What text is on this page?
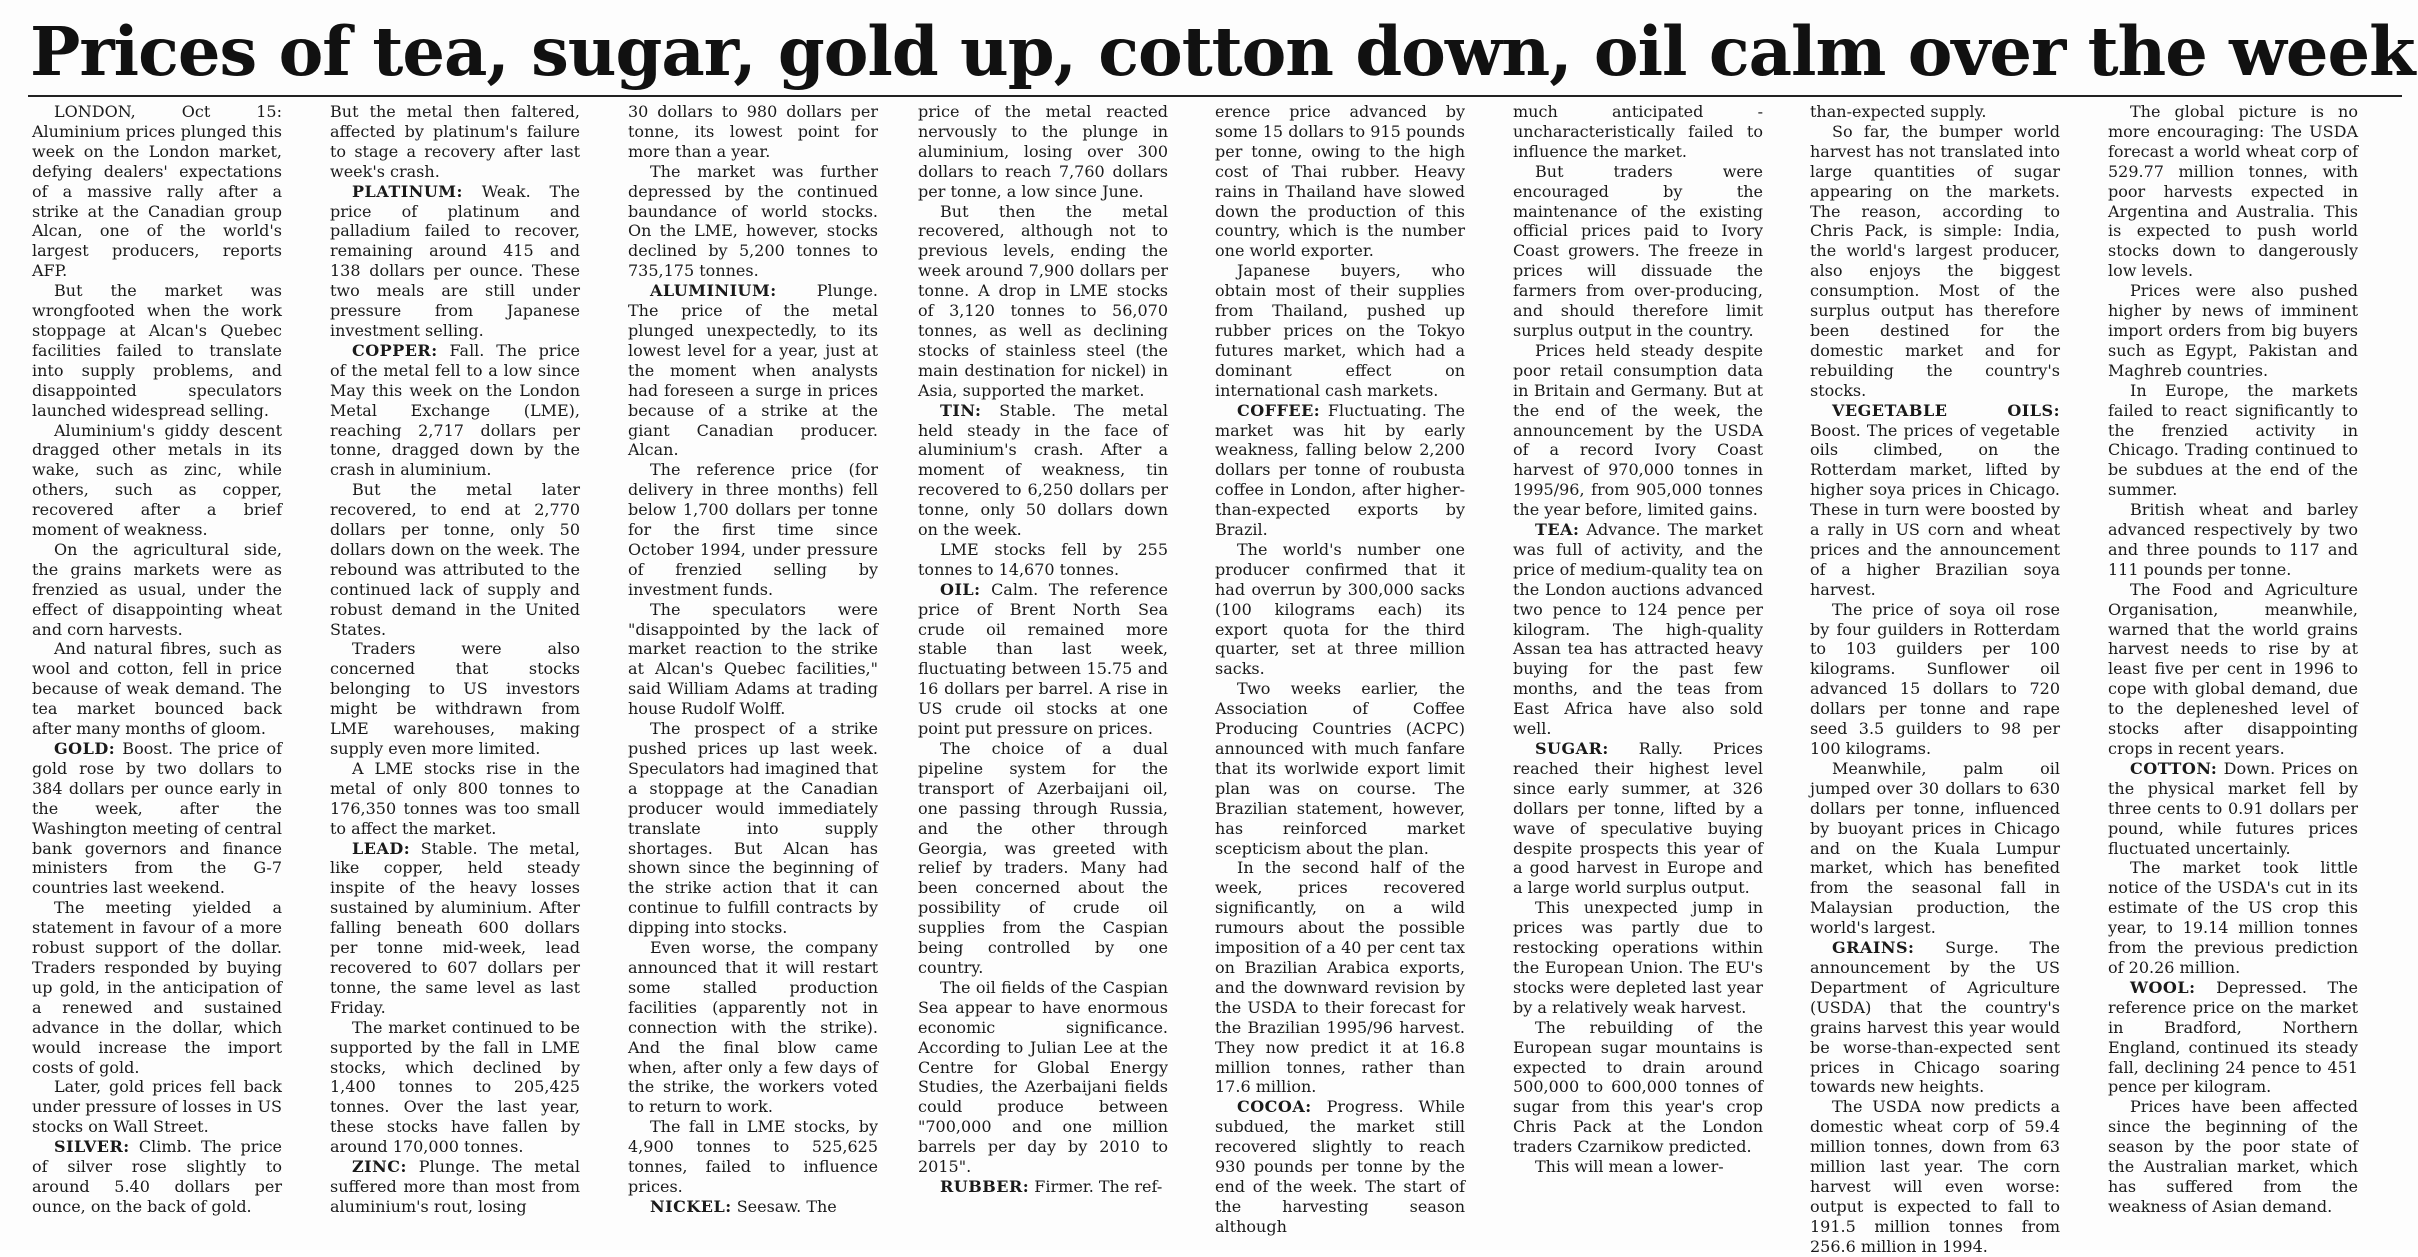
Prices of tea, sugar, gold up, cotton down, oil calm over the week

LONDON, Oct 15: Aluminium prices plunged this week on the London market, defying dealers' expectations of a massive rally after a strike at the Canadian group Alcan, one of the world's largest producers, reports AFP.

But the market was wrongfooted when the work stoppage at Alcan's Quebec facilities failed to translate into supply problems, and disappointed speculators launched widespread selling.

Aluminium's giddy descent dragged other metals in its wake, such as zinc, while others, such as copper, recovered after a brief moment of weakness.

On the agricultural side, the grains markets were as frenzied as usual, under the effect of disappointing wheat and corn harvests.

And natural fibres, such as wool and cotton, fell in price because of weak demand. The tea market bounced back after many months of gloom.

GOLD: Boost. The price of gold rose by two dollars to 384 dollars per ounce early in the week, after the Washington meeting of central bank governors and finance ministers from the G-7 countries last weekend.

The meeting yielded a statement in favour of a more robust support of the dollar. Traders responded by buying up gold, in the anticipation of a renewed and sustained advance in the dollar, which would increase the import costs of gold.

Later, gold prices fell back under pressure of losses in US stocks on Wall Street.

SILVER: Climb. The price of silver rose slightly to around 5.40 dollars per ounce, on the back of gold.

But the metal then faltered, affected by platinum's failure to stage a recovery after last week's crash.

PLATINUM: Weak. The price of platinum and palladium failed to recover, remaining around 415 and 138 dollars per ounce. These two meals are still under pressure from Japanese investment selling.

COPPER: Fall. The price of the metal fell to a low since May this week on the London Metal Exchange (LME), reaching 2,717 dollars per tonne, dragged down by the crash in aluminium.

But the metal later recovered, to end at 2,770 dollars per tonne, only 50 dollars down on the week. The rebound was attributed to the continued lack of supply and robust demand in the United States.

Traders were also concerned that stocks belonging to US investors might be withdrawn from LME warehouses, making supply even more limited.

A LME stocks rise in the metal of only 800 tonnes to 176,350 tonnes was too small to affect the market.

LEAD: Stable. The metal, like copper, held steady inspite of the heavy losses sustained by aluminium. After falling beneath 600 dollars per tonne mid-week, lead recovered to 607 dollars per tonne, the same level as last Friday.

The market continued to be supported by the fall in LME stocks, which declined by 1,400 tonnes to 205,425 tonnes. Over the last year, these stocks have fallen by around 170,000 tonnes.

ZINC: Plunge. The metal suffered more than most from aluminium's rout, losing

30 dollars to 980 dollars per tonne, its lowest point for more than a year.

The market was further depressed by the continued baundance of world stocks. On the LME, however, stocks declined by 5,200 tonnes to 735,175 tonnes.

ALUMINIUM: Plunge. The price of the metal plunged unexpectedly, to its lowest level for a year, just at the moment when analysts had foreseen a surge in prices because of a strike at the giant Canadian producer. Alcan.

The reference price (for delivery in three months) fell below 1,700 dollars per tonne for the first time since October 1994, under pressure of frenzied selling by investment funds.

The speculators were "disappointed by the lack of market reaction to the strike at Alcan's Quebec facilities," said William Adams at trading house Rudolf Wolff.

The prospect of a strike pushed prices up last week. Speculators had imagined that a stoppage at the Canadian producer would immediately translate into supply shortages. But Alcan has shown since the beginning of the strike action that it can continue to fulfill contracts by dipping into stocks.

Even worse, the company announced that it will restart some stalled production facilities (apparently not in connection with the strike). And the final blow came when, after only a few days of the strike, the workers voted to return to work.

The fall in LME stocks, by 4,900 tonnes to 525,625 tonnes, failed to influence prices.

NICKEL: Seesaw. The

price of the metal reacted nervously to the plunge in aluminium, losing over 300 dollars to reach 7,760 dollars per tonne, a low since June.

But then the metal recovered, although not to previous levels, ending the week around 7,900 dollars per tonne. A drop in LME stocks of 3,120 tonnes to 56,070 tonnes, as well as declining stocks of stainless steel (the main destination for nickel) in Asia, supported the market.

TIN: Stable. The metal held steady in the face of aluminium's crash. After a moment of weakness, tin recovered to 6,250 dollars per tonne, only 50 dollars down on the week.

LME stocks fell by 255 tonnes to 14,670 tonnes.

OIL: Calm. The reference price of Brent North Sea crude oil remained more stable than last week, fluctuating between 15.75 and 16 dollars per barrel. A rise in US crude oil stocks at one point put pressure on prices.

The choice of a dual pipeline system for the transport of Azerbaijani oil, one passing through Russia, and the other through Georgia, was greeted with relief by traders. Many had been concerned about the possibility of crude oil supplies from the Caspian being controlled by one country.

The oil fields of the Caspian Sea appear to have enormous economic significance. According to Julian Lee at the Centre for Global Energy Studies, the Azerbaijani fields could produce between "700,000 and one million barrels per day by 2010 to 2015".

RUBBER: Firmer. The ref-

erence price advanced by some 15 dollars to 915 pounds per tonne, owing to the high cost of Thai rubber. Heavy rains in Thailand have slowed down the production of this country, which is the number one world exporter.

Japanese buyers, who obtain most of their supplies from Thailand, pushed up rubber prices on the Tokyo futures market, which had a dominant effect on international cash markets.

COFFEE: Fluctuating. The market was hit by early weakness, falling below 2,200 dollars per tonne of roubusta coffee in London, after higher-than-expected exports by Brazil.

The world's number one producer confirmed that it had overrun by 300,000 sacks (100 kilograms each) its export quota for the third quarter, set at three million sacks.

Two weeks earlier, the Association of Coffee Producing Countries (ACPC) announced with much fanfare that its worlwide export limit plan was on course. The Brazilian statement, however, has reinforced market scepticism about the plan.

In the second half of the week, prices recovered significantly, on a wild rumours about the possible imposition of a 40 per cent tax on Brazilian Arabica exports, and the downward revision by the USDA to their forecast for the Brazilian 1995/96 harvest. They now predict it at 16.8 million tonnes, rather than 17.6 million.

COCOA: Progress. While subdued, the market still recovered slightly to reach 930 pounds per tonne by the end of the week. The start of the harvesting season although

much anticipated - uncharacteristically failed to influence the market.

But traders were encouraged by the maintenance of the existing official prices paid to Ivory Coast growers. The freeze in prices will dissuade the farmers from over-producing, and should therefore limit surplus output in the country.

Prices held steady despite poor retail consumption data in Britain and Germany. But at the end of the week, the announcement by the USDA of a record Ivory Coast harvest of 970,000 tonnes in 1995/96, from 905,000 tonnes the year before, limited gains.

TEA: Advance. The market was full of activity, and the price of medium-quality tea on the London auctions advanced two pence to 124 pence per kilogram. The high-quality Assan tea has attracted heavy buying for the past few months, and the teas from East Africa have also sold well.

SUGAR: Rally. Prices reached their highest level since early summer, at 326 dollars per tonne, lifted by a wave of speculative buying despite prospects this year of a good harvest in Europe and a large world surplus output.

This unexpected jump in prices was partly due to restocking operations within the European Union. The EU's stocks were depleted last year by a relatively weak harvest.

The rebuilding of the European sugar mountains is expected to drain around 500,000 to 600,000 tonnes of sugar from this year's crop Chris Pack at the London traders Czarnikow predicted.

This will mean a lower-

than-expected supply.

So far, the bumper world harvest has not translated into large quantities of sugar appearing on the markets. The reason, according to Chris Pack, is simple: India, the world's largest producer, also enjoys the biggest consumption. Most of the surplus output has therefore been destined for the domestic market and for rebuilding the country's stocks.

VEGETABLE OILS: Boost. The prices of vegetable oils climbed, on the Rotterdam market, lifted by higher soya prices in Chicago. These in turn were boosted by a rally in US corn and wheat prices and the announcement of a higher Brazilian soya harvest.

The price of soya oil rose by four guilders in Rotterdam to 103 guilders per 100 kilograms. Sunflower oil advanced 15 dollars to 720 dollars per tonne and rape seed 3.5 guilders to 98 per 100 kilograms.

Meanwhile, palm oil jumped over 30 dollars to 630 dollars per tonne, influenced by buoyant prices in Chicago and on the Kuala Lumpur market, which has benefited from the seasonal fall in Malaysian production, the world's largest.

GRAINS: Surge. The announcement by the US Department of Agriculture (USDA) that the country's grains harvest this year would be worse-than-expected sent prices in Chicago soaring towards new heights.

The USDA now predicts a domestic wheat corp of 59.4 million tonnes, down from 63 million last year. The corn harvest will even worse: output is expected to fall to 191.5 million tonnes from 256.6 million in 1994.

The global picture is no more encouraging: The USDA forecast a world wheat corp of 529.77 million tonnes, with poor harvests expected in Argentina and Australia. This is expected to push world stocks down to dangerously low levels.

Prices were also pushed higher by news of imminent import orders from big buyers such as Egypt, Pakistan and Maghreb countries.

In Europe, the markets failed to react significantly to the frenzied activity in Chicago. Trading continued to be subdues at the end of the summer.

British wheat and barley advanced respectively by two and three pounds to 117 and 111 pounds per tonne.

The Food and Agriculture Organisation, meanwhile, warned that the world grains harvest needs to rise by at least five per cent in 1996 to cope with global demand, due to the depleneshed level of stocks after disappointing crops in recent years.

COTTON: Down. Prices on the physical market fell by three cents to 0.91 dollars per pound, while futures prices fluctuated uncertainly.

The market took little notice of the USDA's cut in its estimate of the US crop this year, to 19.14 million tonnes from the previous prediction of 20.26 million.

WOOL: Depressed. The reference price on the market in Bradford, Northern England, continued its steady fall, declining 24 pence to 451 pence per kilogram.

Prices have been affected since the beginning of the season by the poor state of the Australian market, which has suffered from the weakness of Asian demand.
